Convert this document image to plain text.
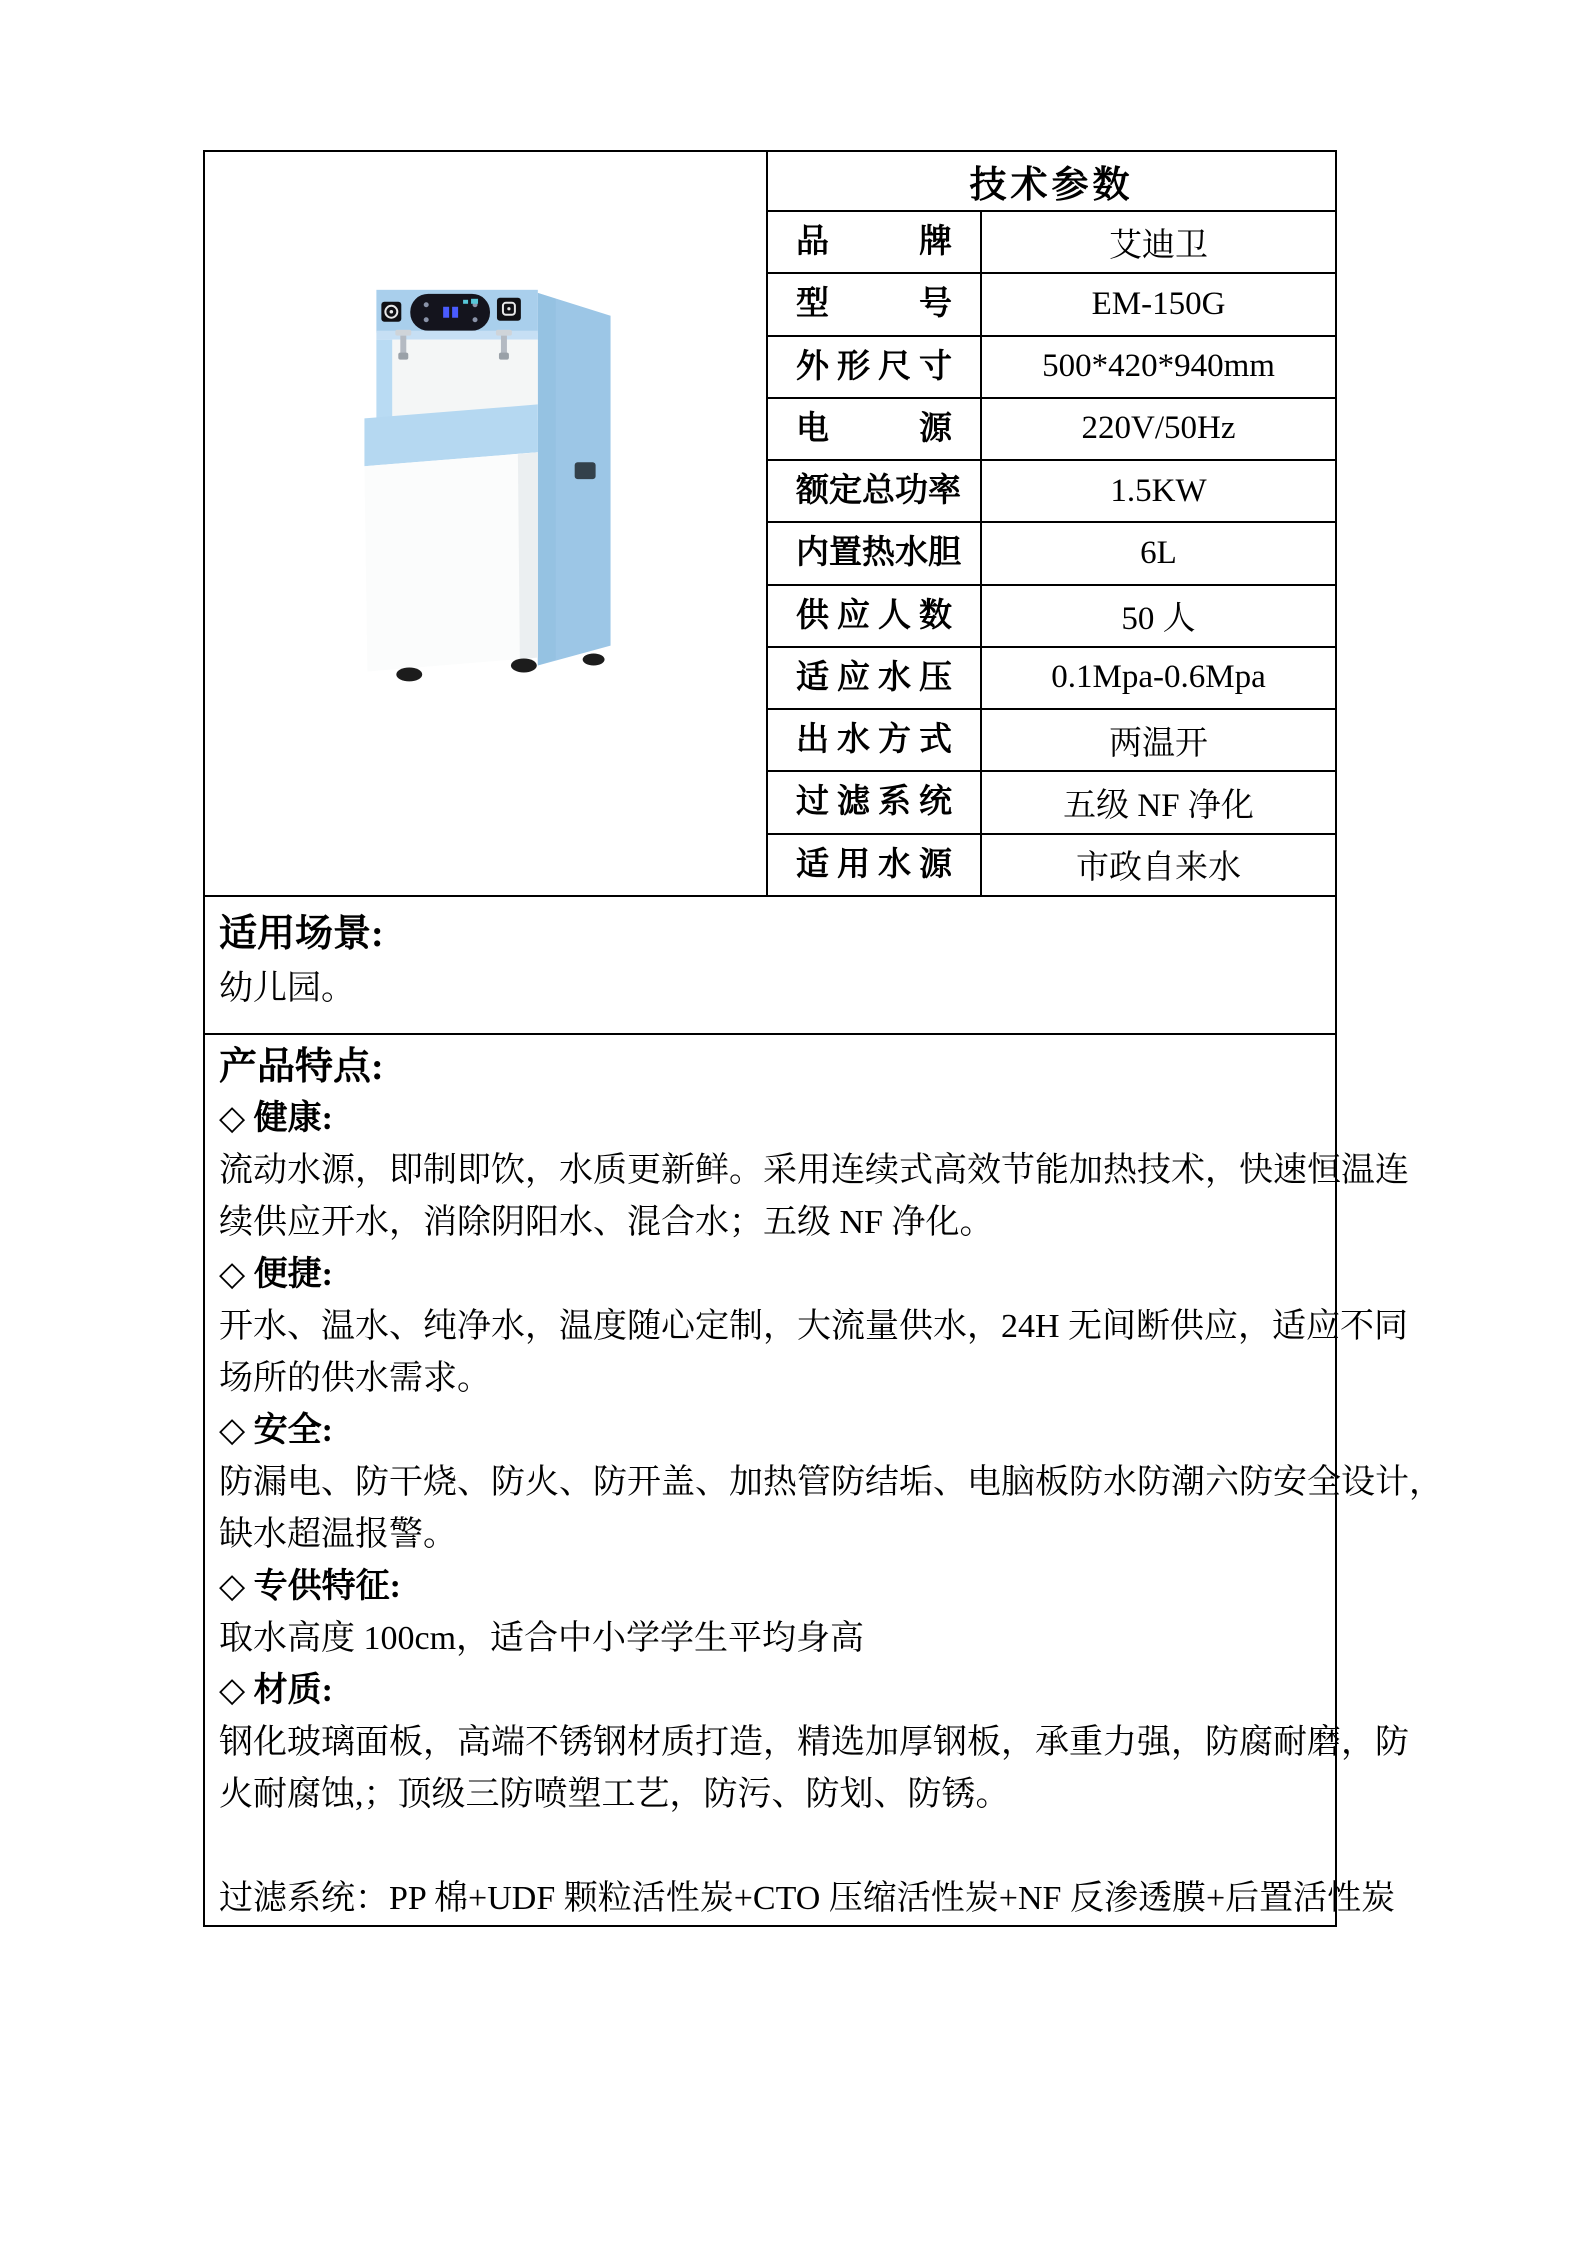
技术参数
品牌	艾迪卫
型号	EM-150G
外形尺寸	500*420*940mm
电源	220V/50Hz
额定总功率	1.5KW
内置热水胆	6L
供应人数	50 人
适应水压	0.1Mpa-0.6Mpa
出水方式	两温开
过滤系统	五级 NF 净化
适用水源	市政自来水
适用场景:
幼儿园。
产品特点:
◇ 健康:
流动水源，即制即饮，水质更新鲜。采用连续式高效节能加热技术，快速恒温连
续供应开水，消除阴阳水、混合水；五级 NF 净化。
◇ 便捷:
开水、温水、纯净水，温度随心定制，大流量供水，24H 无间断供应，适应不同
场所的供水需求。
◇ 安全:
防漏电、防干烧、防火、防开盖、加热管防结垢、电脑板防水防潮六防安全设计，
缺水超温报警。
◇ 专供特征:
取水高度 100cm，适合中小学学生平均身高
◇ 材质:
钢化玻璃面板，高端不锈钢材质打造，精选加厚钢板，承重力强，防腐耐磨，防
火耐腐蚀,；顶级三防喷塑工艺，防污、防划、防锈。
过滤系统：PP 棉+UDF 颗粒活性炭+CTO 压缩活性炭+NF 反渗透膜+后置活性炭
